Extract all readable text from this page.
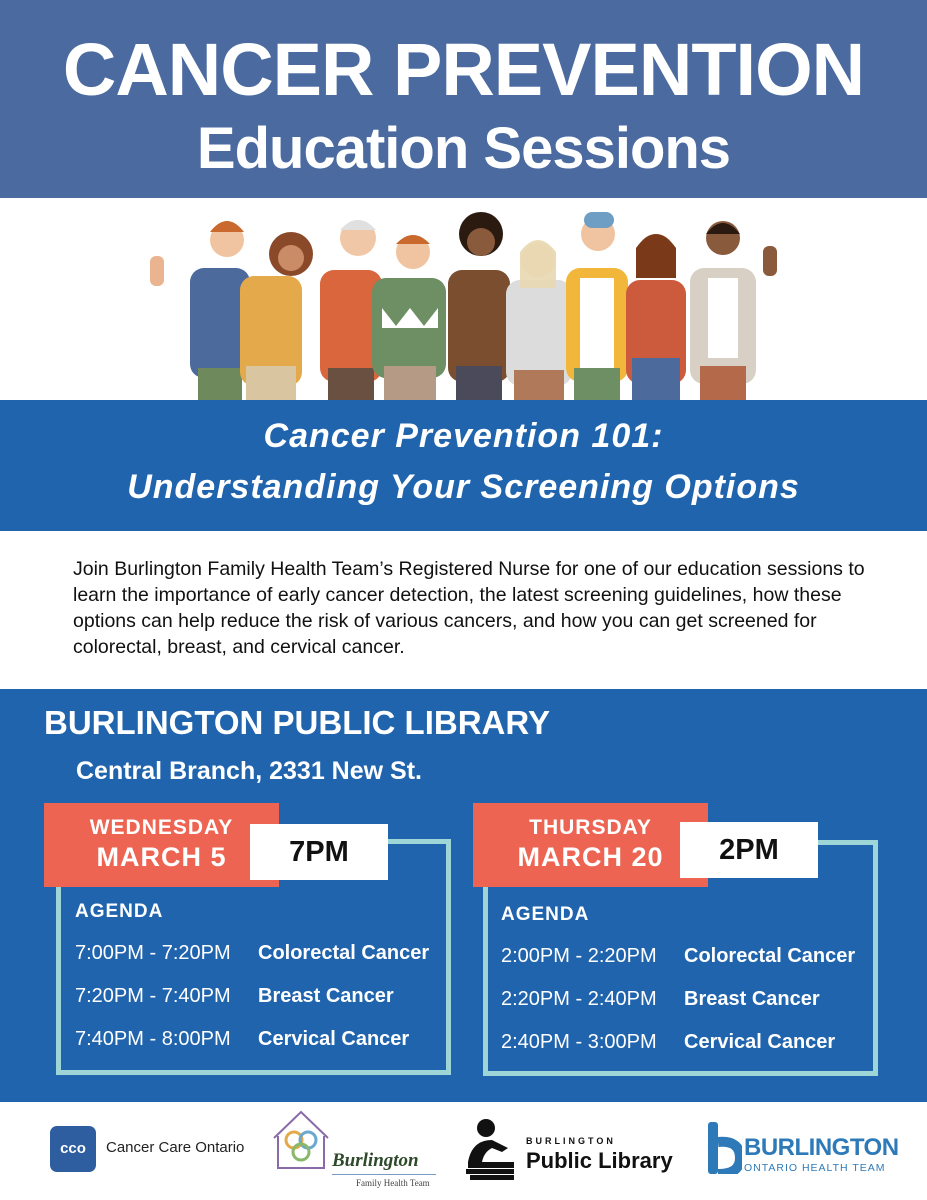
CANCER PREVENTION
Education Sessions
Cancer Prevention 101:
Understanding Your Screening Options
Join Burlington Family Health Team’s Registered Nurse for one of our education sessions to learn the importance of early cancer detection, the latest screening guidelines, how these options can help reduce the risk of various cancers, and how you can get screened for colorectal, breast, and cervical cancer.
BURLINGTON PUBLIC LIBRARY
Central Branch, 2331 New St.
WEDNESDAY
MARCH 5	7PM
AGENDA
7:00PM - 7:20PM Colorectal Cancer
7:20PM - 7:40PM Breast Cancer
7:40PM - 8:00PM Cervical Cancer
THURSDAY
MARCH 20	2PM
AGENDA
2:00PM - 2:20PM Colorectal Cancer
2:20PM - 2:40PM Breast Cancer
2:40PM - 3:00PM Cervical Cancer
cco	Cancer Care Ontario
Burlington
Family Health Team
BURLINGTON
Public Library	BURLINGTON
ONTARIO HEALTH TEAM
